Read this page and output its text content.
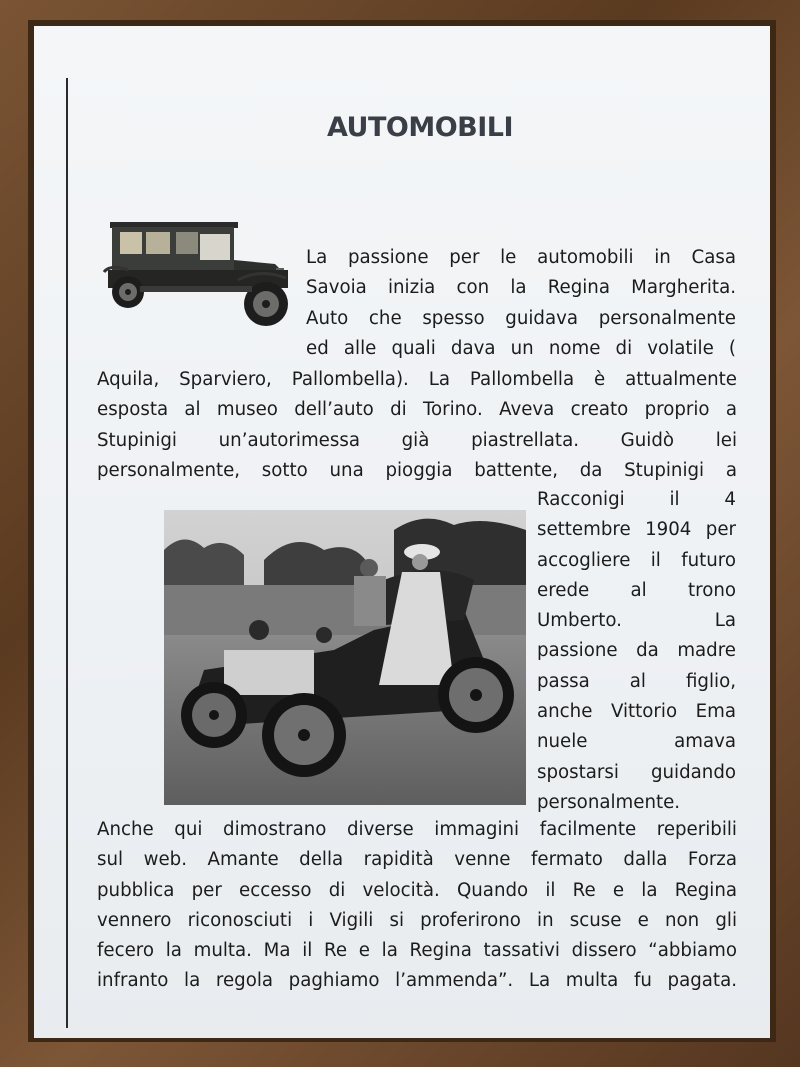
AUTOMOBILI
La passione per le automobili in Casa
Savoia inizia con la Regina Margherita.
Auto che spesso guidava personalmente
ed alle quali dava un nome di volatile (
Aquila, Sparviero, Pallombella). La Pallombella è attualmente
esposta al museo dell’auto di Torino. Aveva creato proprio a
Stupinigi un’autorimessa già piastrellata. Guidò lei
personalmente, sotto una pioggia battente, da Stupinigi a
Racconigi il 4
settembre 1904 per
accogliere il futuro
erede al trono
Umberto. La
passione da madre
passa al figlio,
anche Vittorio Ema
nuele amava
spostarsi guidando
personalmente.
Anche qui dimostrano diverse immagini facilmente reperibili
sul web. Amante della rapidità venne fermato dalla Forza
pubblica per eccesso di velocità. Quando il Re e la Regina
vennero riconosciuti i Vigili si proferirono in scuse e non gli
fecero la multa. Ma il Re e la Regina tassativi dissero “abbiamo
infranto la regola paghiamo l’ammenda”. La multa fu pagata.
